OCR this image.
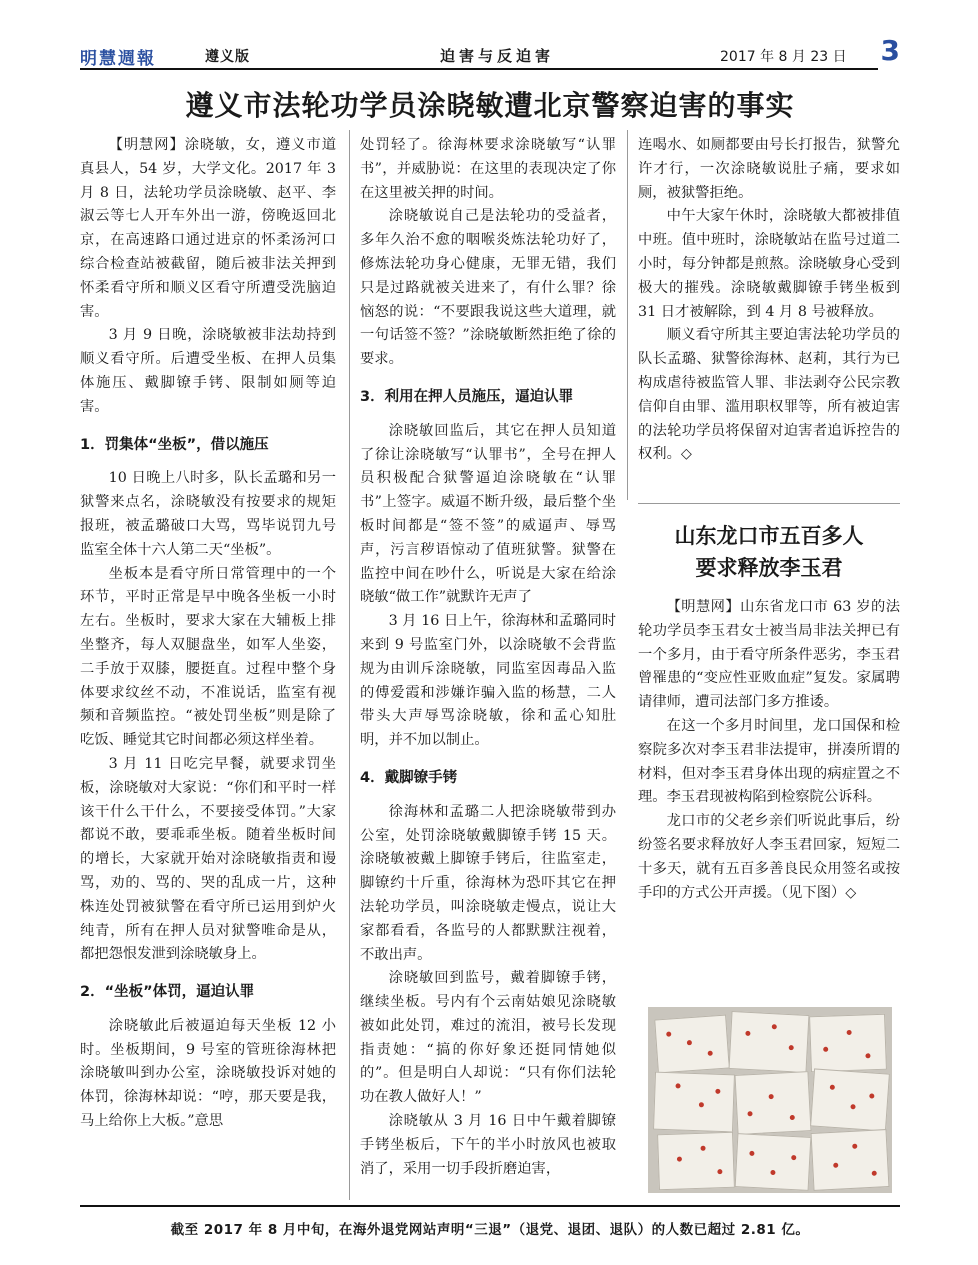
明慧週報	遵义版	迫害与反迫害	2017 年 8 月 23 日 3
遵义市法轮功学员涂晓敏遭北京警察迫害的事实

【明慧网】涂晓敏，女，遵义市道真县人，54 岁，大学文化。2017 年 3 月 8 日，法轮功学员涂晓敏、赵平、李淑云等七人开车外出一游，傍晚返回北京，在高速路口通过进京的怀柔汤河口综合检查站被截留，随后被非法关押到怀柔看守所和顺义区看守所遭受洗脑迫害。

3 月 9 日晚，涂晓敏被非法劫持到顺义看守所。后遭受坐板、在押人员集体施压、戴脚镣手铐、限制如厕等迫害。

1．罚集体“坐板”，借以施压

10 日晚上八时多，队长孟璐和另一狱警来点名，涂晓敏没有按要求的规矩报班，被孟璐破口大骂，骂毕说罚九号监室全体十六人第二天“坐板”。

坐板本是看守所日常管理中的一个环节，平时正常是早中晚各坐板一小时左右。坐板时，要求大家在大辅板上排坐整齐，每人双腿盘坐，如军人坐姿，二手放于双膝，腰挺直。过程中整个身体要求纹丝不动，不准说话，监室有视频和音频监控。“被处罚坐板”则是除了吃饭、睡觉其它时间都必须这样坐着。

3 月 11 日吃完早餐，就要求罚坐板，涂晓敏对大家说：“你们和平时一样该干什么干什么，不要接受体罚。”大家都说不敢，要乖乖坐板。随着坐板时间的增长，大家就开始对涂晓敏指责和谩骂，劝的、骂的、哭的乱成一片，这种株连处罚被狱警在看守所已运用到炉火纯青，所有在押人员对狱警唯命是从，都把怨恨发泄到涂晓敏身上。

2．“坐板”体罚，逼迫认罪

涂晓敏此后被逼迫每天坐板 12 小时。坐板期间，9 号室的管班徐海林把涂晓敏叫到办公室，涂晓敏投诉对她的体罚，徐海林却说：“哼，那天要是我，马上给你上大板。”意思

处罚轻了。徐海林要求涂晓敏写“认罪书”，并威胁说：在这里的表现决定了你在这里被关押的时间。

涂晓敏说自己是法轮功的受益者，多年久治不愈的咽喉炎炼法轮功好了，修炼法轮功身心健康，无罪无错，我们只是过路就被关进来了，有什么罪？徐恼怒的说：“不要跟我说这些大道理，就一句话签不签？”涂晓敏断然拒绝了徐的要求。

3．利用在押人员施压，逼迫认罪

涂晓敏回监后，其它在押人员知道了徐让涂晓敏写“认罪书”，全号在押人员积极配合狱警逼迫涂晓敏在“认罪书”上签字。威逼不断升级，最后整个坐板时间都是“签不签”的威逼声、辱骂声，污言秽语惊动了值班狱警。狱警在监控中间在吵什么，听说是大家在给涂晓敏“做工作”就默许无声了

3 月 16 日上午，徐海林和孟璐同时来到 9 号监室门外，以涂晓敏不会背监规为由训斥涂晓敏，同监室因毒品入监的傅爱霞和涉嫌诈骗入监的杨慧，二人带头大声辱骂涂晓敏，徐和孟心知肚明，并不加以制止。

4．戴脚镣手铐

徐海林和孟璐二人把涂晓敏带到办公室，处罚涂晓敏戴脚镣手铐 15 天。涂晓敏被戴上脚镣手铐后，往监室走，脚镣约十斤重，徐海林为恐吓其它在押法轮功学员，叫涂晓敏走慢点，说让大家都看看，各监号的人都默默注视着，不敢出声。

涂晓敏回到监号，戴着脚镣手铐，继续坐板。号内有个云南姑娘见涂晓敏被如此处罚，难过的流泪，被号长发现指责她：“搞的你好象还挺同情她似的”。但是明白人却说：“只有你们法轮功在教人做好人！”

涂晓敏从 3 月 16 日中午戴着脚镣手铐坐板后，下午的半小时放风也被取消了，采用一切手段折磨迫害，

连喝水、如厕都要由号长打报告，狱警允许才行，一次涂晓敏说肚子痛，要求如厕，被狱警拒绝。

中午大家午休时，涂晓敏大都被排值中班。值中班时，涂晓敏站在监号过道二小时，每分钟都是煎熬。涂晓敏身心受到极大的摧残。涂晓敏戴脚镣手铐坐板到 31 日才被解除，到 4 月 8 号被释放。

顺义看守所其主要迫害法轮功学员的队长孟璐、狱警徐海林、赵莉，其行为已构成虐待被监管人罪、非法剥夺公民宗教信仰自由罪、滥用职权罪等，所有被迫害的法轮功学员将保留对迫害者追诉控告的权利。◇

山东龙口市五百多人
要求释放李玉君

【明慧网】山东省龙口市 63 岁的法轮功学员李玉君女士被当局非法关押已有一个多月，由于看守所条件恶劣，李玉君曾罹患的“变应性亚败血症”复发。家属聘请律师，遭司法部门多方推诿。

在这一个多月时间里，龙口国保和检察院多次对李玉君非法提审，拼凑所谓的材料，但对李玉君身体出现的病症置之不理。李玉君现被构陷到检察院公诉科。

龙口市的父老乡亲们听说此事后，纷纷签名要求释放好人李玉君回家，短短二十多天，就有五百多善良民众用签名或按手印的方式公开声援。（见下图）◇

截至 2017 年 8 月中旬，在海外退党网站声明“三退”（退党、退团、退队）的人数已超过 2.81 亿。
